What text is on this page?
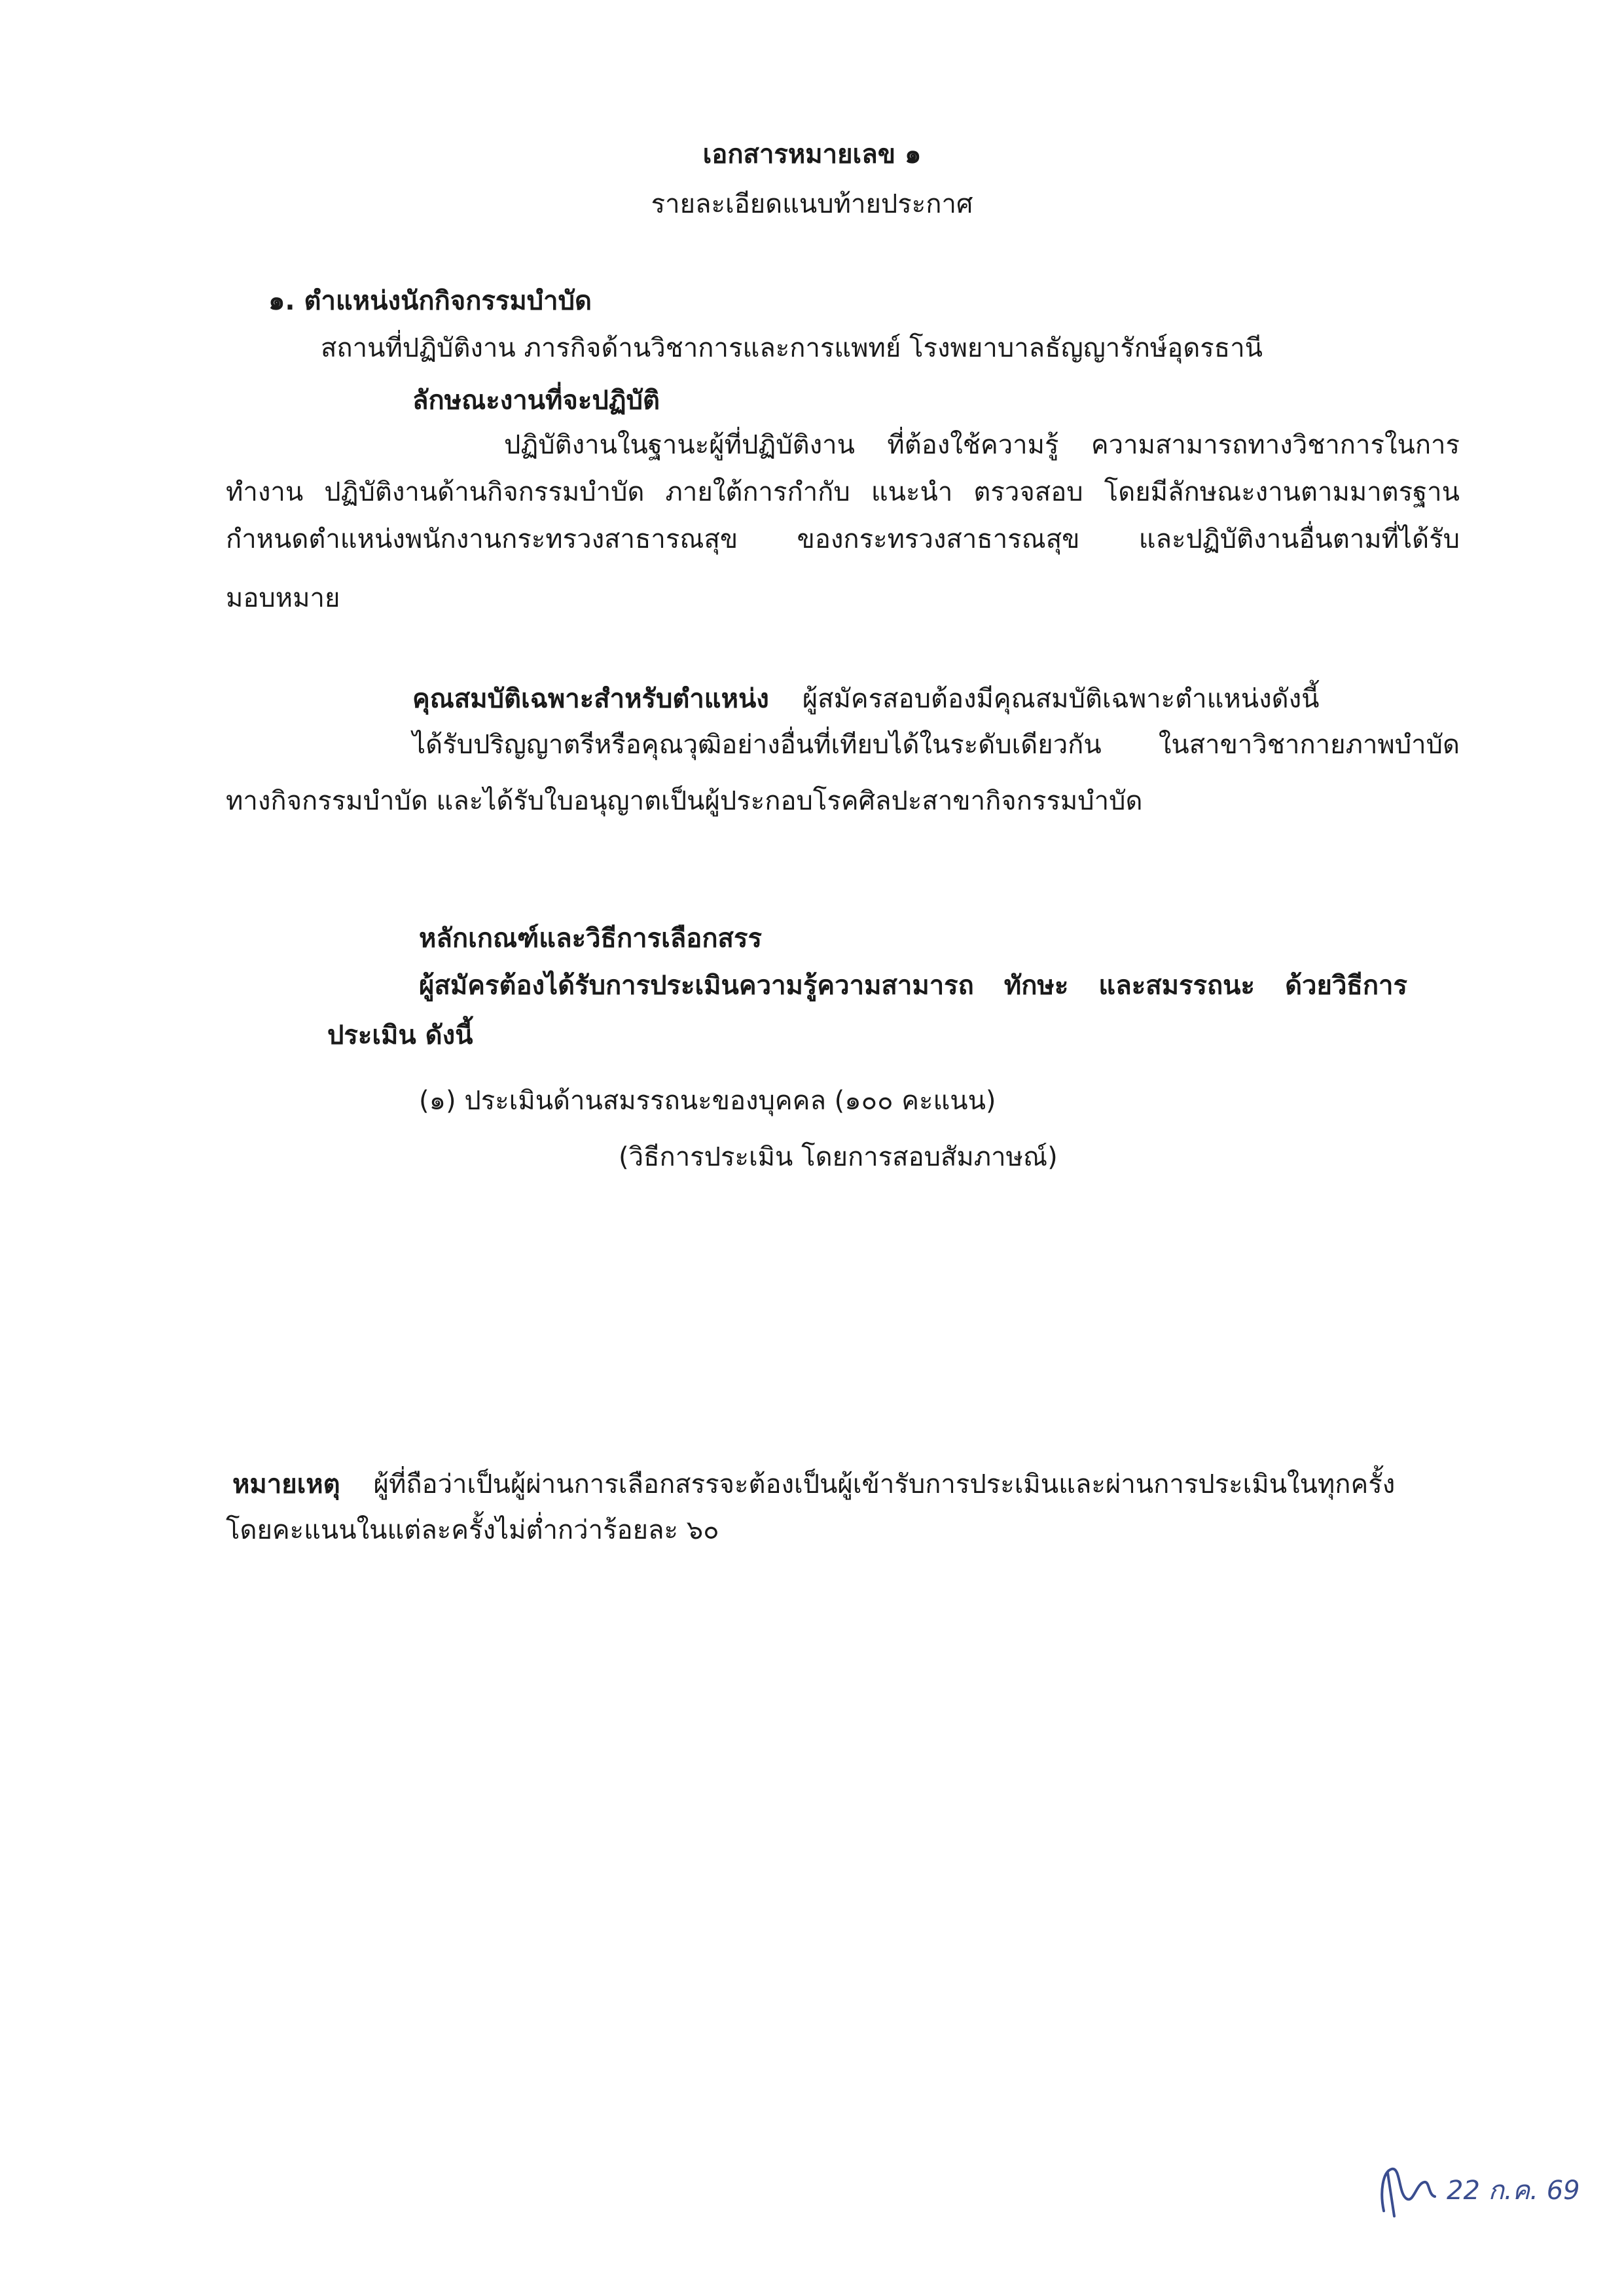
เอกสารหมายเลข ๑
รายละเอียดแนบท้ายประกาศ
๑. ตำแหน่งนักกิจกรรมบำบัด
สถานที่ปฏิบัติงาน ภารกิจด้านวิชาการและการแพทย์ โรงพยาบาลธัญญารักษ์อุดรธานี
ลักษณะงานที่จะปฏิบัติ
ปฏิบัติงานในฐานะผู้ที่ปฏิบัติงาน ที่ต้องใช้ความรู้ ความสามารถทางวิชาการในการ
ทำงาน ปฏิบัติงานด้านกิจกรรมบำบัด ภายใต้การกำกับ แนะนำ ตรวจสอบ โดยมีลักษณะงานตามมาตรฐาน
กำหนดตำแหน่งพนักงานกระทรวงสาธารณสุข ของกระทรวงสาธารณสุข และปฏิบัติงานอื่นตามที่ได้รับ
มอบหมาย
คุณสมบัติเฉพาะสำหรับตำแหน่ง ผู้สมัครสอบต้องมีคุณสมบัติเฉพาะตำแหน่งดังนี้
ได้รับปริญญาตรีหรือคุณวุฒิอย่างอื่นที่เทียบได้ในระดับเดียวกัน ในสาขาวิชากายภาพบำบัด
ทางกิจกรรมบำบัด และได้รับใบอนุญาตเป็นผู้ประกอบโรคศิลปะสาขากิจกรรมบำบัด
หลักเกณฑ์และวิธีการเลือกสรร
ผู้สมัครต้องได้รับการประเมินความรู้ความสามารถ ทักษะ และสมรรถนะ ด้วยวิธีการ
ประเมิน ดังนี้
(๑) ประเมินด้านสมรรถนะของบุคคล (๑๐๐ คะแนน)
(วิธีการประเมิน โดยการสอบสัมภาษณ์)
หมายเหตุ ผู้ที่ถือว่าเป็นผู้ผ่านการเลือกสรรจะต้องเป็นผู้เข้ารับการประเมินและผ่านการประเมินในทุกครั้ง
โดยคะแนนในแต่ละครั้งไม่ต่ำกว่าร้อยละ ๖๐
22 ก.ค. 69
